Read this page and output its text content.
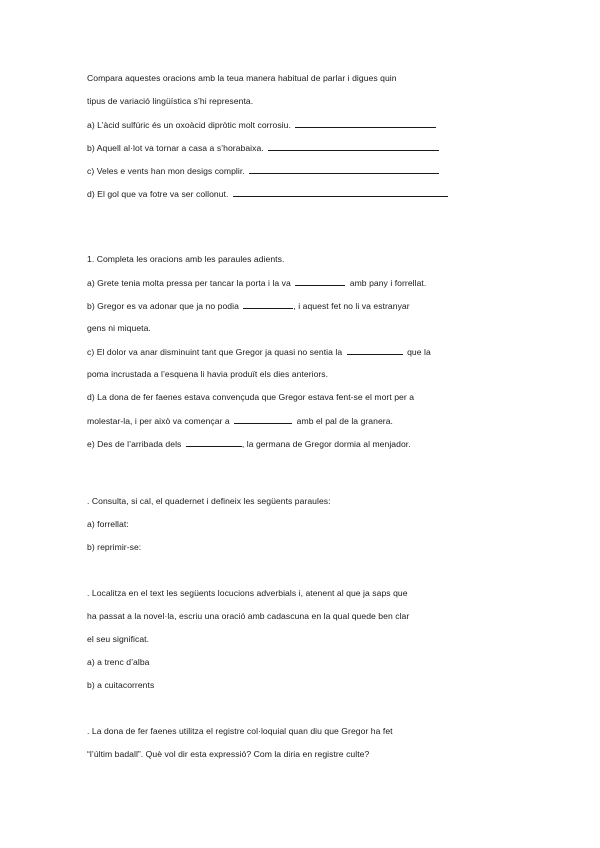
Compara aquestes oracions amb la teua manera habitual de parlar i digues quin
tipus de variació lingüística s’hi representa.
a) L’àcid sulfúric és un oxoàcid dipròtic molt corrosiu.
b) Aquell al·lot va tornar a casa a s’horabaixa.
c) Veles e vents han mon desigs complir.
d) El gol que va fotre va ser collonut.
1. Completa les oracions amb les paraules adients.
a) Grete tenia molta pressa per tancar la porta i la va	amb pany i forrellat.
b) Gregor es va adonar que ja no podia	, i aquest fet no li va estranyar
gens ni miqueta.
c) El dolor va anar disminuint tant que Gregor ja quasi no sentia la	que la
poma incrustada a l’esquena li havia produït els dies anteriors.
d) La dona de fer faenes estava convençuda que Gregor estava fent-se el mort per a
molestar-la, i per això va començar a	amb el pal de la granera.
e) Des de l’arribada dels	, la germana de Gregor dormia al menjador.
. Consulta, si cal, el quadernet i defineix les següents paraules:
a) forrellat:
b) reprimir-se:
. Localitza en el text les següents locucions adverbials i, atenent al que ja saps que
ha passat a la novel·la, escriu una oració amb cadascuna en la qual quede ben clar
el seu significat.
a) a trenc d’alba
b) a cuitacorrents
. La dona de fer faenes utilitza el registre col·loquial quan diu que Gregor ha fet
“l’últim badall”. Què vol dir esta expressió? Com la diria en registre culte?
